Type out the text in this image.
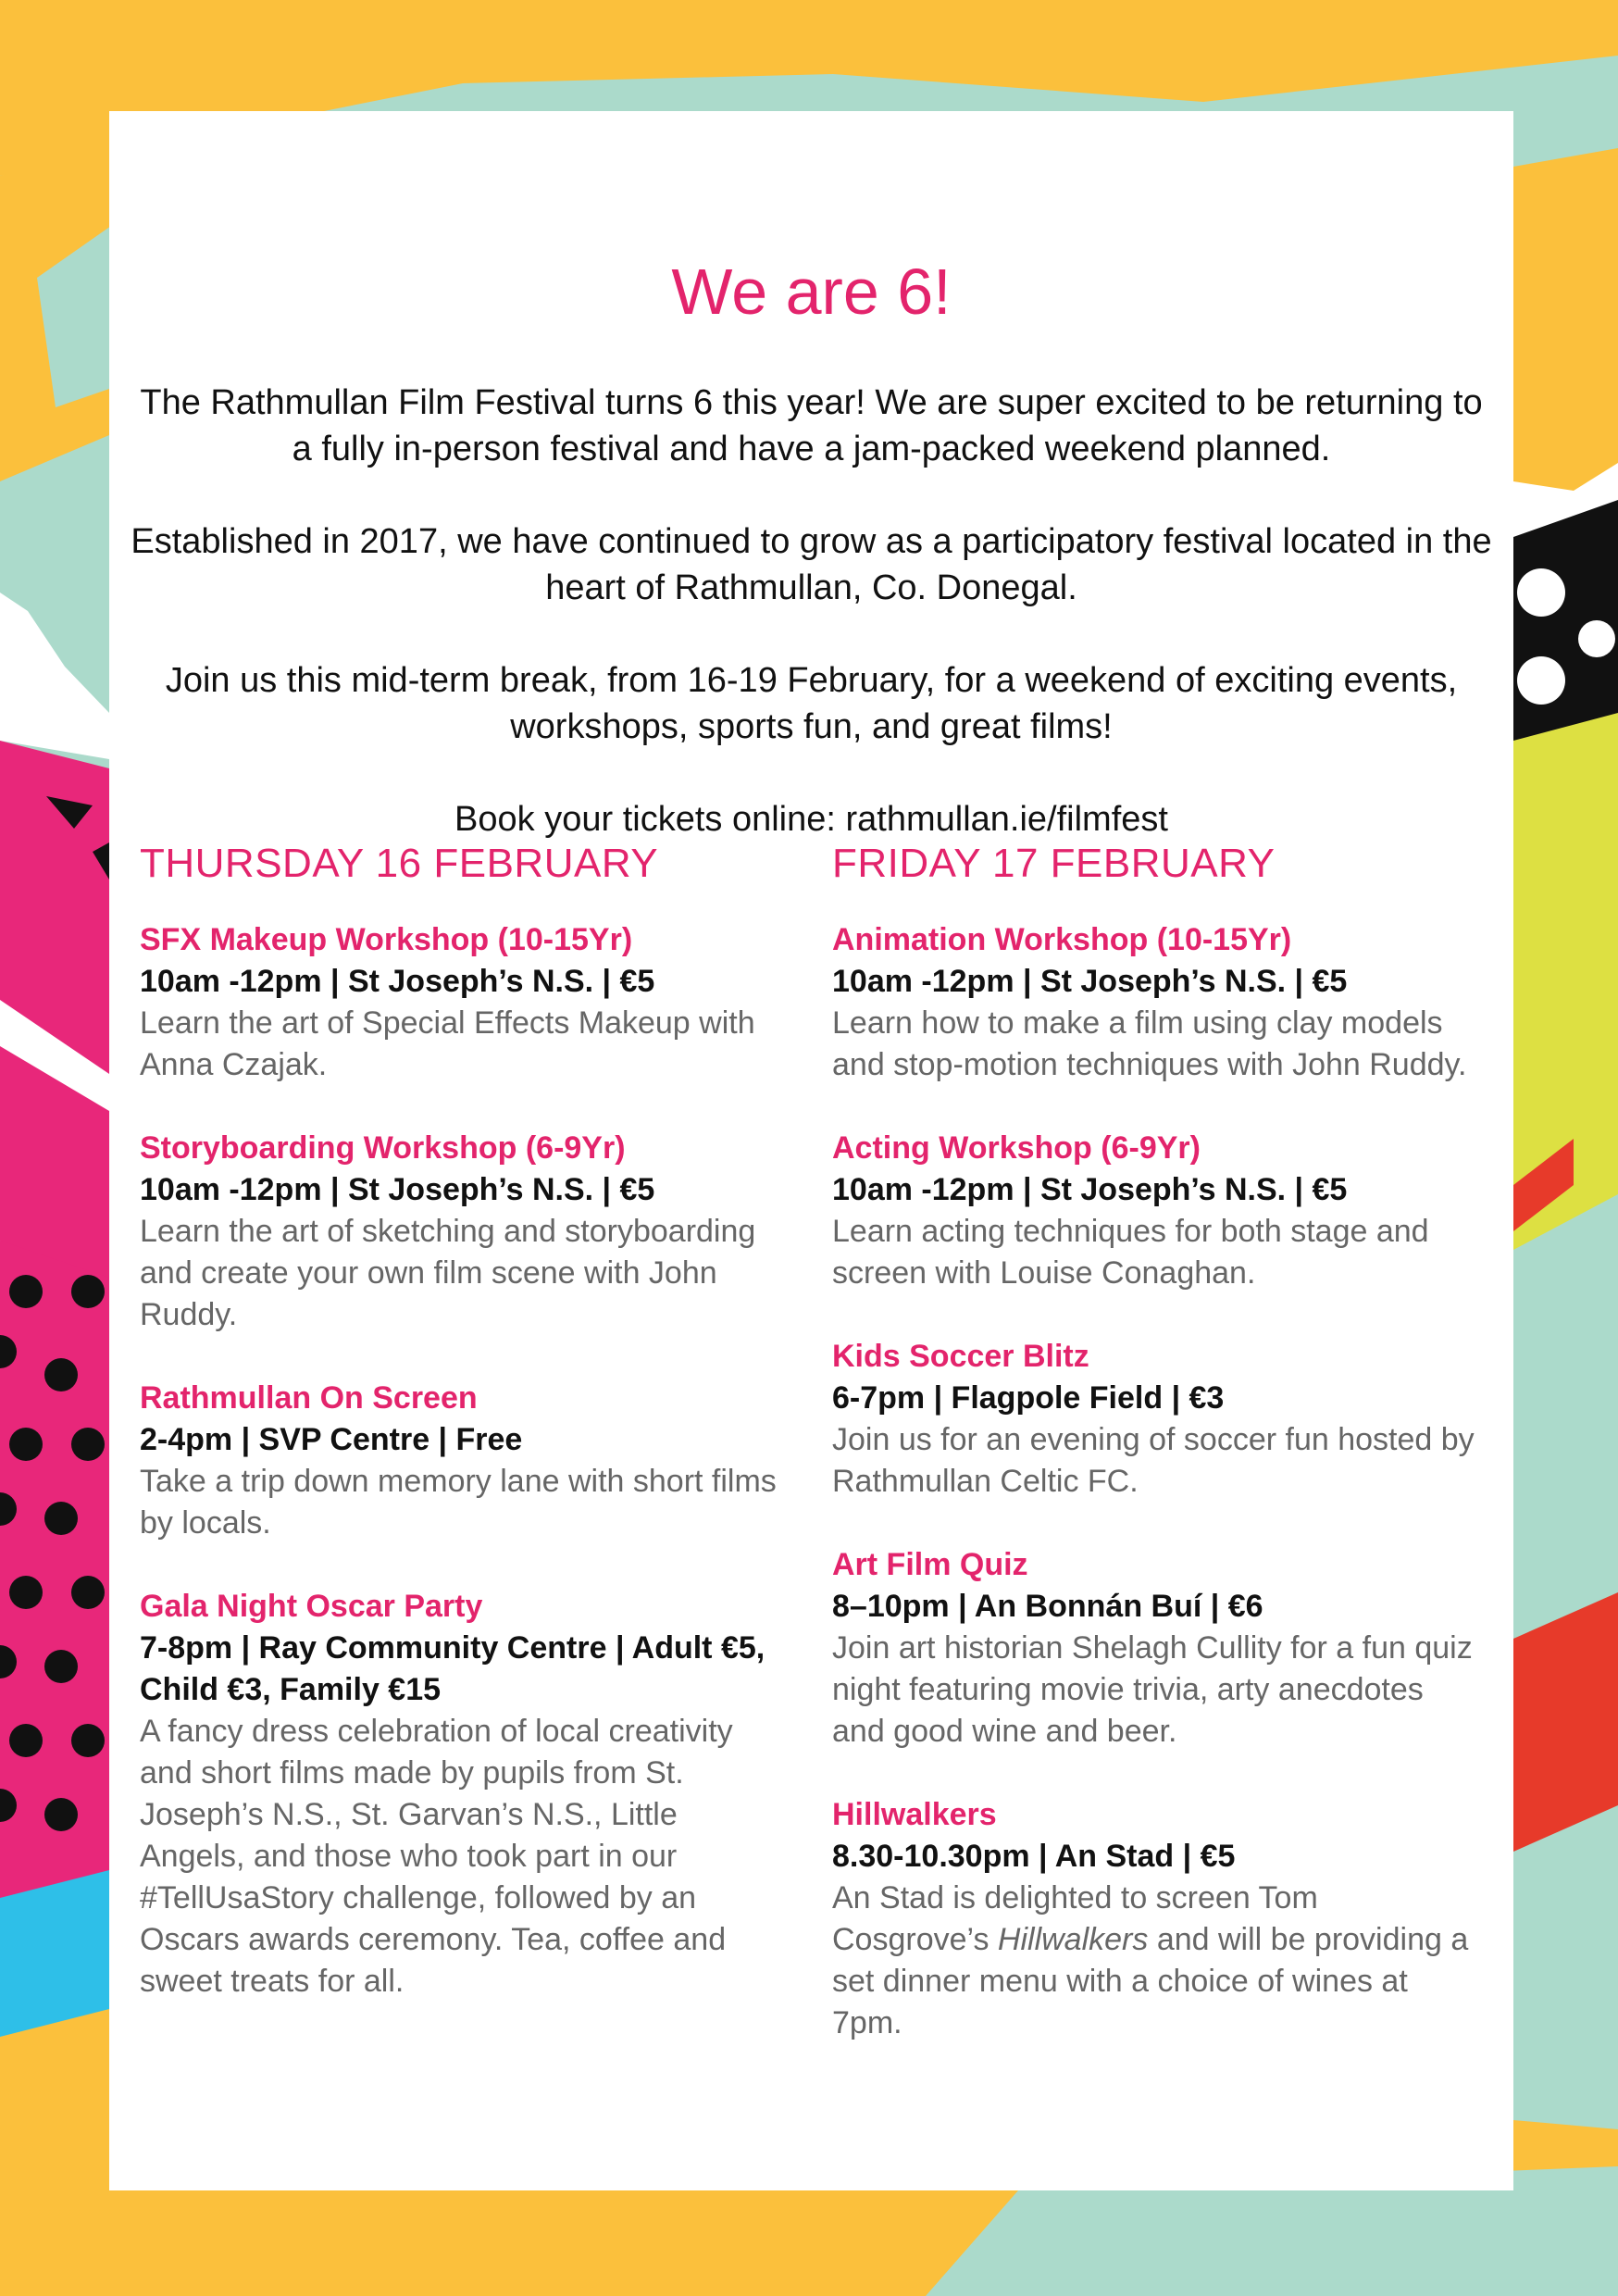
We are 6!

The Rathmullan Film Festival turns 6 this year! We are super excited to be returning to a fully in-person festival and have a jam-packed weekend planned.

Established in 2017, we have continued to grow as a participatory festival located in the heart of Rathmullan, Co. Donegal.

Join us this mid-term break, from 16-19 February, for a weekend of exciting events, workshops, sports fun, and great films!

Book your tickets online: rathmullan.ie/filmfest

THURSDAY 16 FEBRUARY
SFX Makeup Workshop (10-15Yr)
10am -12pm | St Joseph’s N.S. | €5
Learn the art of Special Effects Makeup with Anna Czajak.
Storyboarding Workshop (6-9Yr)
10am -12pm | St Joseph’s N.S. | €5
Learn the art of sketching and storyboarding and create your own film scene with John Ruddy.
Rathmullan On Screen
2-4pm | SVP Centre | Free
Take a trip down memory lane with short films by locals.
Gala Night Oscar Party
7-8pm | Ray Community Centre | Adult €5, Child €3, Family €15
A fancy dress celebration of local creativity and short films made by pupils from St. Joseph’s N.S., St. Garvan’s N.S., Little Angels, and those who took part in our #TellUsaStory challenge, followed by an Oscars awards ceremony. Tea, coffee and sweet treats for all.
FRIDAY 17 FEBRUARY
Animation Workshop (10-15Yr)
10am -12pm | St Joseph’s N.S. | €5
Learn how to make a film using clay models and stop-motion techniques with John Ruddy.
Acting Workshop (6-9Yr)
10am -12pm | St Joseph’s N.S. | €5
Learn acting techniques for both stage and screen with Louise Conaghan.
Kids Soccer Blitz
6-7pm | Flagpole Field | €3
Join us for an evening of soccer fun hosted by Rathmullan Celtic FC.
Art Film Quiz
8–10pm | An Bonnán Buí | €6
Join art historian Shelagh Cullity for a fun quiz night featuring movie trivia, arty anecdotes and good wine and beer.
Hillwalkers
8.30-10.30pm | An Stad | €5
An Stad is delighted to screen Tom Cosgrove’s Hillwalkers and will be providing a set dinner menu with a choice of wines at 7pm.
